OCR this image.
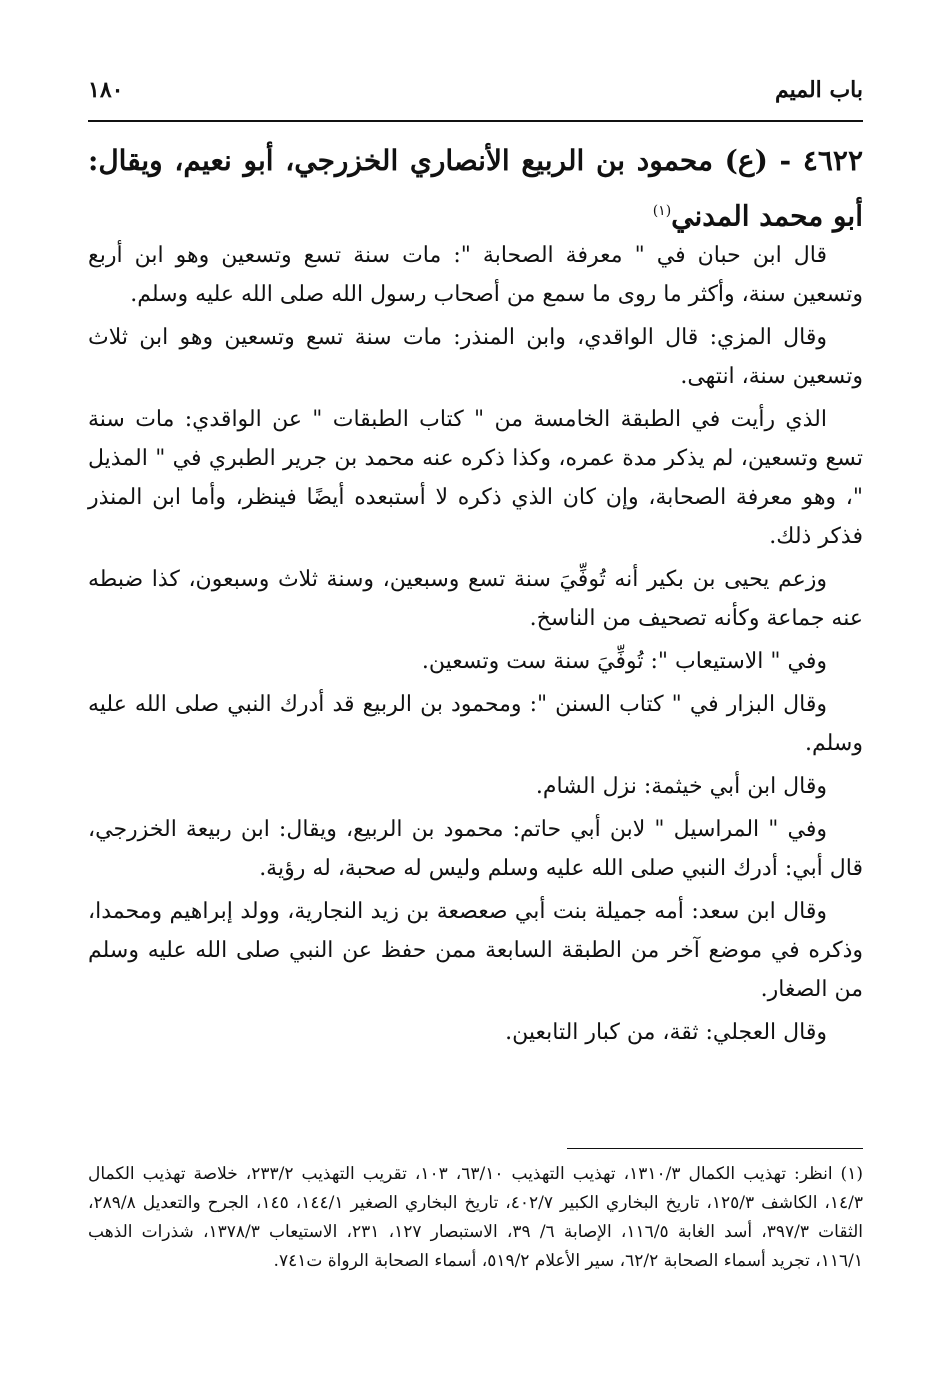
باب الميم
١٨٠
٤٦٢٢ - (ع) محمود بن الربيع الأنصاري الخزرجي، أبو نعيم، ويقال: أبو محمد المدني$^{(١)}$

قال ابن حبان في " معرفة الصحابة ": مات سنة تسع وتسعين وهو ابن أربع وتسعين سنة، وأكثر ما روى ما سمع من أصحاب رسول الله صلى الله عليه وسلم.

وقال المزي: قال الواقدي، وابن المنذر: مات سنة تسع وتسعين وهو ابن ثلاث وتسعين سنة، انتهى.

الذي رأيت في الطبقة الخامسة من " كتاب الطبقات " عن الواقدي: مات سنة تسع وتسعين، لم يذكر مدة عمره، وكذا ذكره عنه محمد بن جرير الطبري في " المذيل "، وهو معرفة الصحابة، وإن كان الذي ذكره لا أستبعده أيضًا فينظر، وأما ابن المنذر فذكر ذلك.

وزعم يحيى بن بكير أنه تُوفِّيَ سنة تسع وسبعين، وسنة ثلاث وسبعون، كذا ضبطه عنه جماعة وكأنه تصحيف من الناسخ.

وفي " الاستيعاب ": تُوفِّيَ سنة ست وتسعين.

وقال البزار في " كتاب السنن ": ومحمود بن الربيع قد أدرك النبي صلى الله عليه وسلم.

وقال ابن أبي خيثمة: نزل الشام.

وفي " المراسيل " لابن أبي حاتم: محمود بن الربيع، ويقال: ابن ربيعة الخزرجي، قال أبي: أدرك النبي صلى الله عليه وسلم وليس له صحبة، له رؤية.

وقال ابن سعد: أمه جميلة بنت أبي صعصعة بن زيد النجارية، وولد إبراهيم ومحمدا، وذكره في موضع آخر من الطبقة السابعة ممن حفظ عن النبي صلى الله عليه وسلم من الصغار.

وقال العجلي: ثقة، من كبار التابعين.

(١) انظر: تهذيب الكمال ١٣١٠/٣، تهذيب التهذيب ٦٣/١٠، ١٠٣، تقريب التهذيب ٢٣٣/٢، خلاصة تهذيب الكمال ١٤/٣، الكاشف ١٢٥/٣، تاريخ البخاري الكبير ٤٠٢/٧، تاريخ البخاري الصغير ١٤٤/١، ١٤٥، الجرح والتعديل ٢٨٩/٨، الثقات ٣٩٧/٣، أسد الغابة ١١٦/٥، الإصابة ٦/ ٣٩، الاستبصار ١٢٧، ٢٣١، الاستيعاب ١٣٧٨/٣، شذرات الذهب ١١٦/١، تجريد أسماء الصحابة ٦٢/٢، سير الأعلام ٥١٩/٢، أسماء الصحابة الرواة ت٧٤١.
